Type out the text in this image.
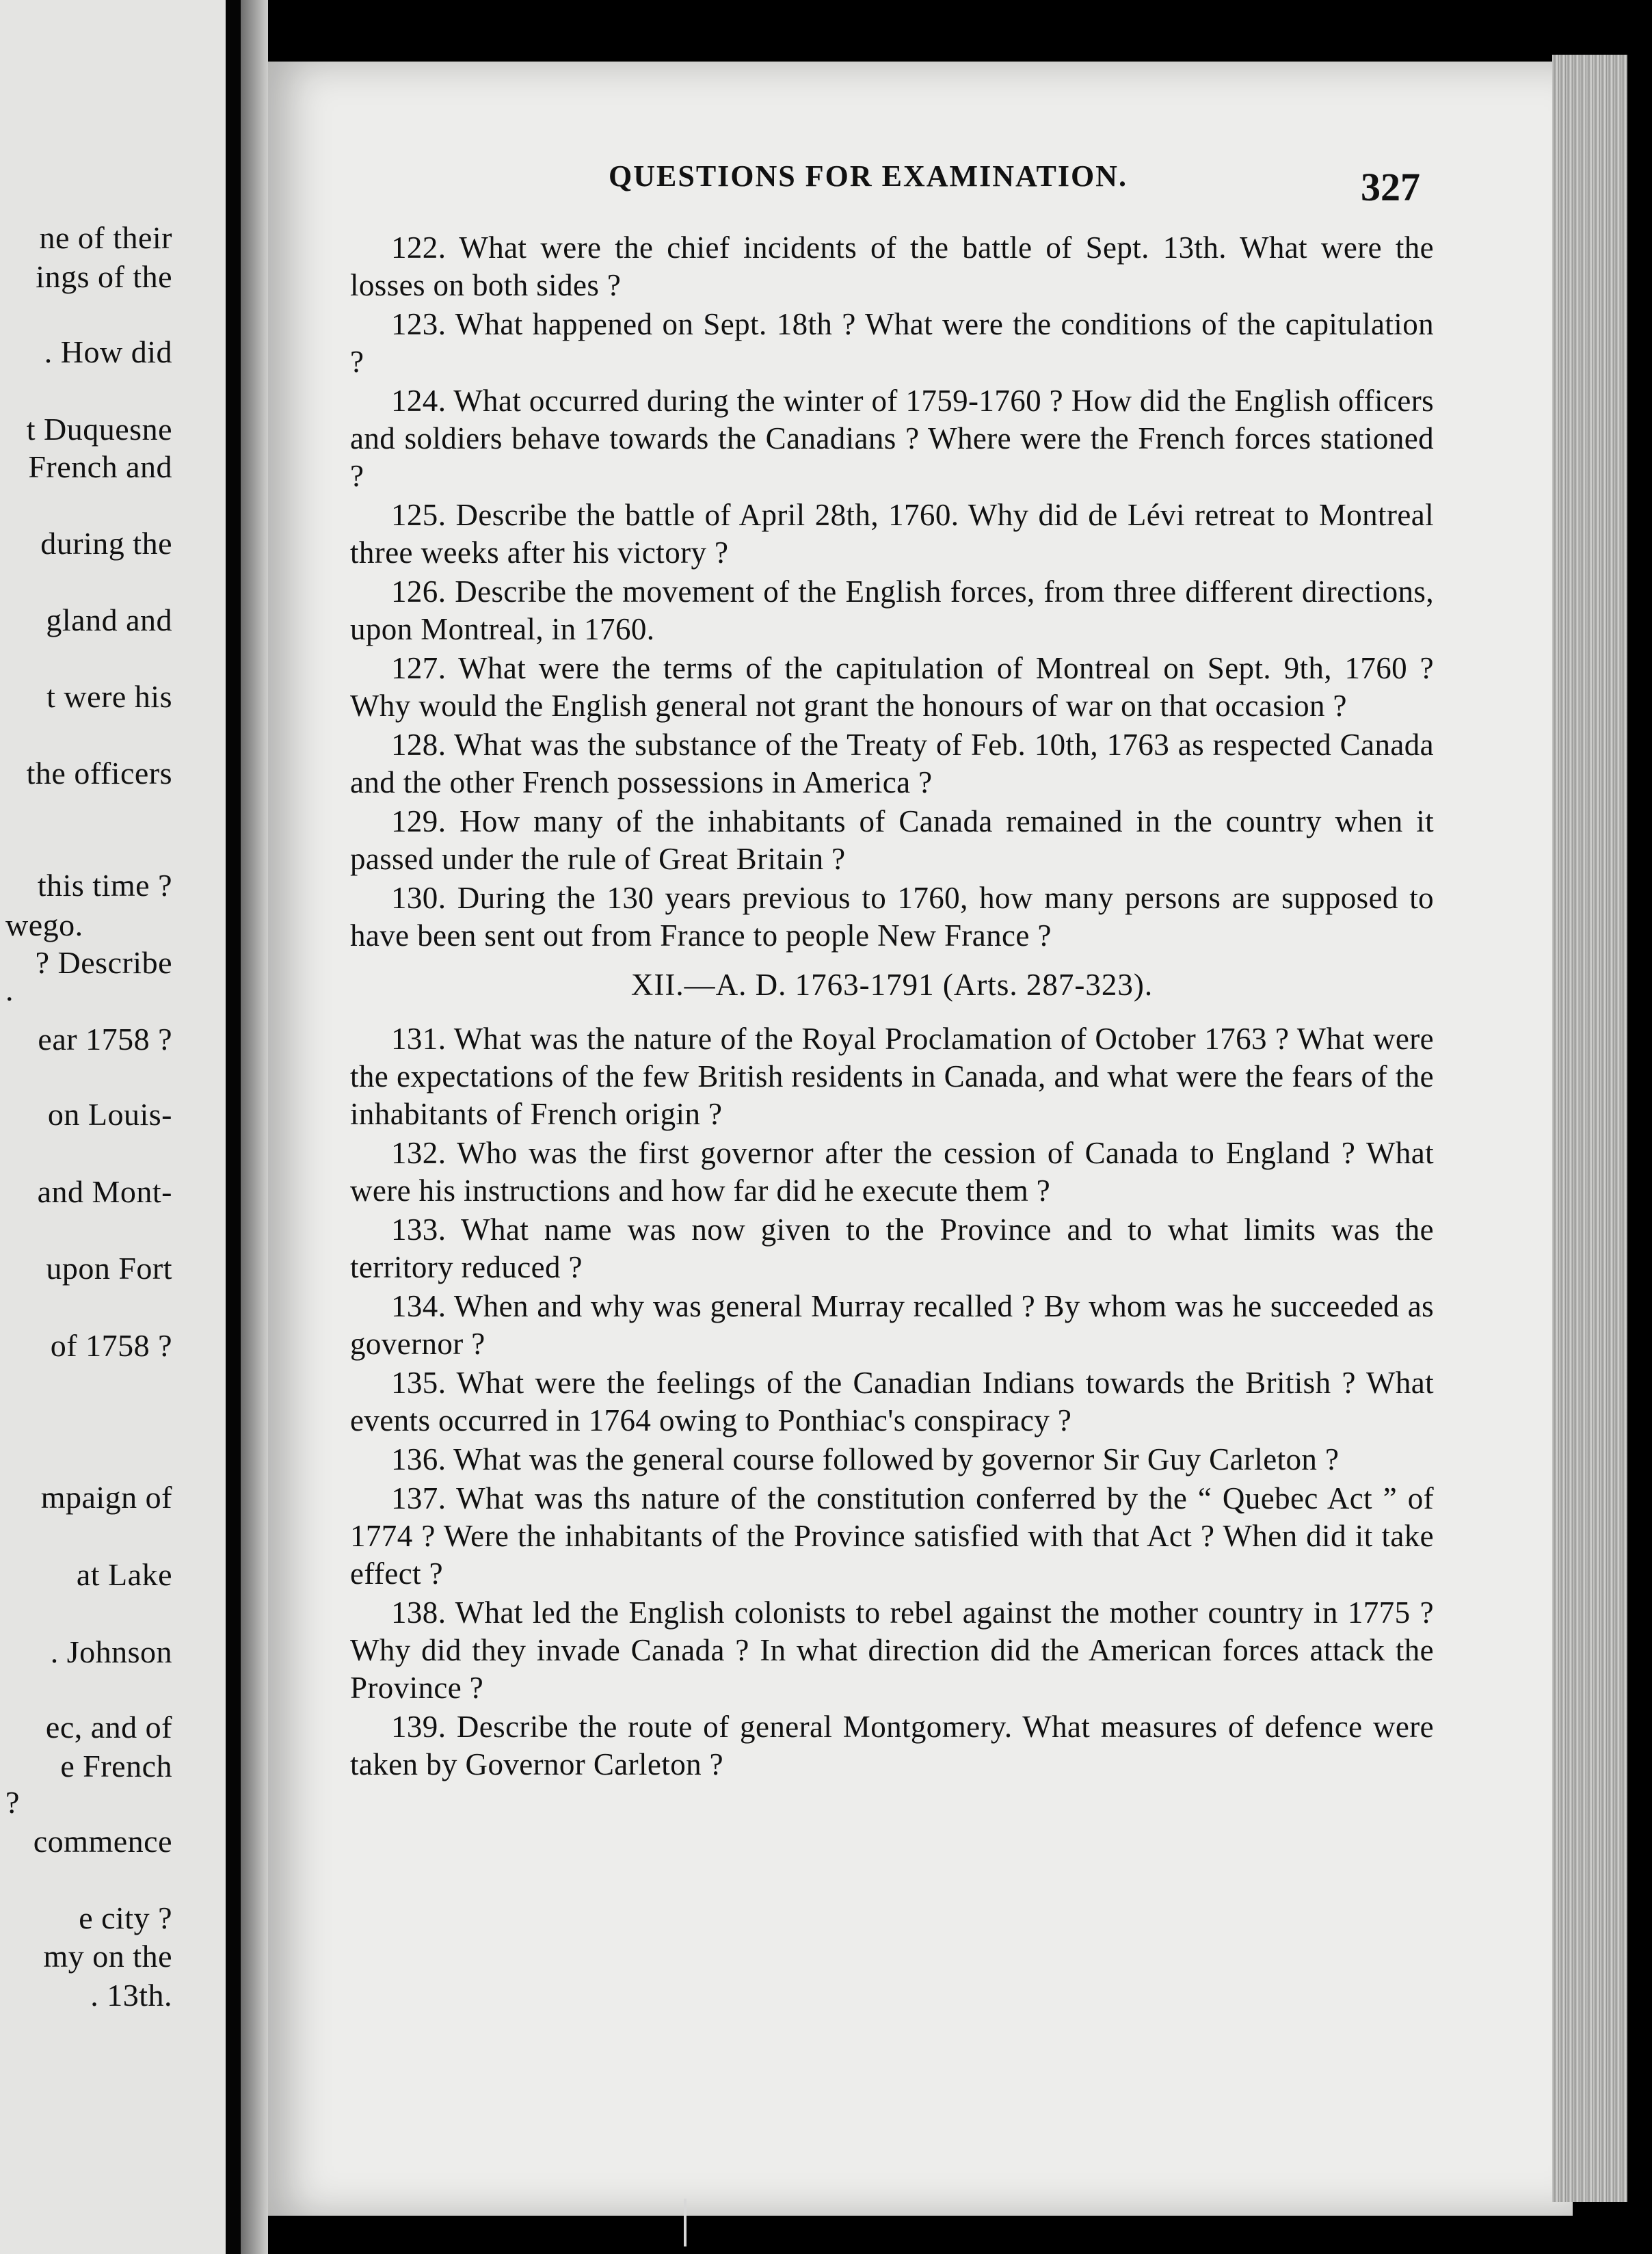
ne of their
ings of the
. How did
t Duquesne
French and
during the
gland and
t were his
the officers
this time ?
wego.
? Describe
.
ear 1758 ?
on Louis-
and Mont-
upon Fort
of 1758 ?
mpaign of
at Lake
. Johnson
ec, and of
e French
?
commence
e city ?
my on the
. 13th.
QUESTIONS FOR EXAMINATION.	327

122. What were the chief incidents of the battle of Sept. 13th. What were the losses on both sides ?

123. What happened on Sept. 18th ? What were the conditions of the capitulation ?

124. What occurred during the winter of 1759-1760 ? How did the English officers and soldiers behave towards the Canadians ? Where were the French forces stationed ?

125. Describe the battle of April 28th, 1760. Why did de Lévi retreat to Montreal three weeks after his victory ?

126. Describe the movement of the English forces, from three different directions, upon Montreal, in 1760.

127. What were the terms of the capitulation of Montreal on Sept. 9th, 1760 ? Why would the English general not grant the honours of war on that occasion ?

128. What was the substance of the Treaty of Feb. 10th, 1763 as respected Canada and the other French possessions in America ?

129. How many of the inhabitants of Canada remained in the country when it passed under the rule of Great Britain ?

130. During the 130 years previous to 1760, how many persons are supposed to have been sent out from France to people New France ?

XII.—A. D. 1763-1791 (Arts. 287-323).

131. What was the nature of the Royal Proclamation of October 1763 ? What were the expectations of the few British residents in Canada, and what were the fears of the inhabitants of French origin ?

132. Who was the first governor after the cession of Canada to England ? What were his instructions and how far did he execute them ?

133. What name was now given to the Province and to what limits was the territory reduced ?

134. When and why was general Murray recalled ? By whom was he succeeded as governor ?

135. What were the feelings of the Canadian Indians towards the British ? What events occurred in 1764 owing to Ponthiac's conspiracy ?

136. What was the general course followed by governor Sir Guy Carleton ?

137. What was ths nature of the constitution conferred by the “ Quebec Act ” of 1774 ? Were the inhabitants of the Province satisfied with that Act ? When did it take effect ?

138. What led the English colonists to rebel against the mother country in 1775 ? Why did they invade Canada ? In what direction did the American forces attack the Province ?

139. Describe the route of general Montgomery. What measures of defence were taken by Governor Carleton ?
